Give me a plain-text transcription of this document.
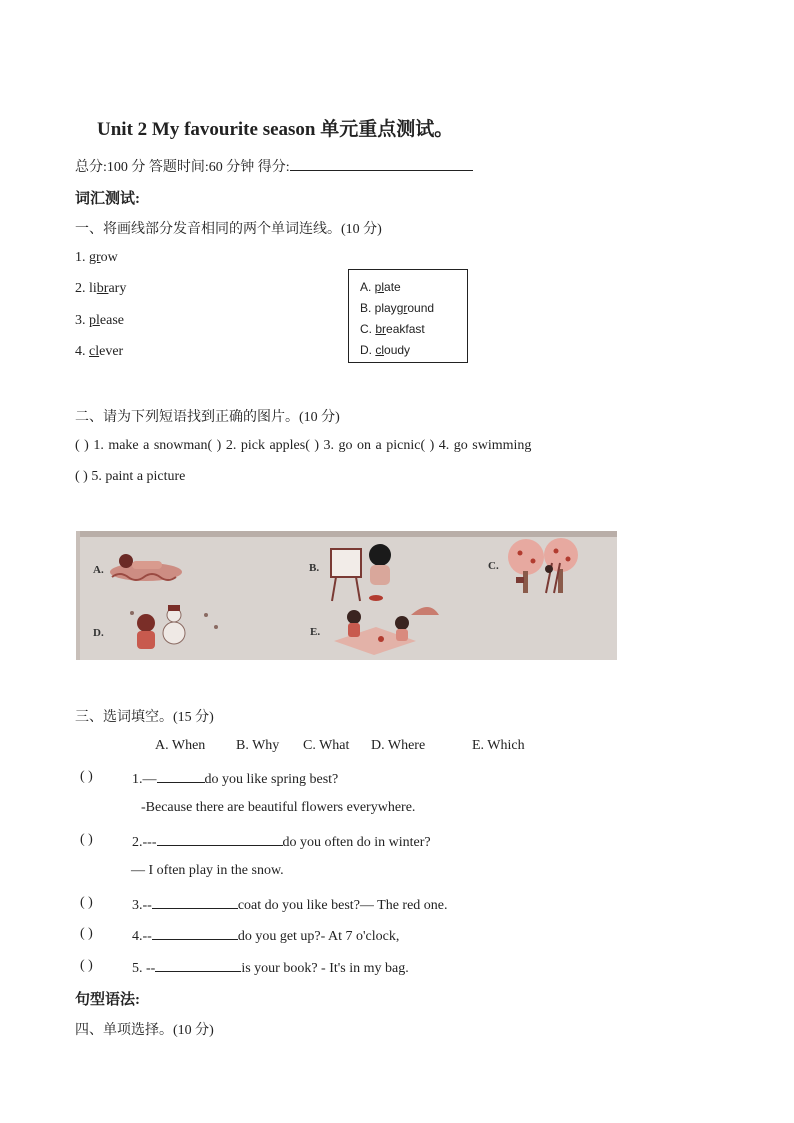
Unit 2 My favourite season 单元重点测试。
总分:100 分 答题时间:60 分钟 得分:
词汇测试:
一、将画线部分发音相同的两个单词连线。(10 分)
1. grow
2. library
3. please
4. clever
A. plate
B. playground
C. breakfast
D. cloudy
二、请为下列短语找到正确的图片。(10 分)
( ) 1. make a snowman( ) 2. pick apples( ) 3. go on a picnic( ) 4. go swimming
( ) 5. paint a picture
A.	B.	C.
D.	E.
三、选词填空。(15 分)
A. When B. Why C. What D. Where	E. Which
( )	1.—	do you like spring best?
( )	2.---	do you often do in winter?
( )	3.--	coat do you like best?— The red one.
( )	4.--	do you get up?- At 7 o'clock,
( )	5. --	is your book? - It's in my bag.
-Because there are beautiful flowers everywhere.
— I often play in the snow.
句型语法:
四、单项选择。(10 分)
